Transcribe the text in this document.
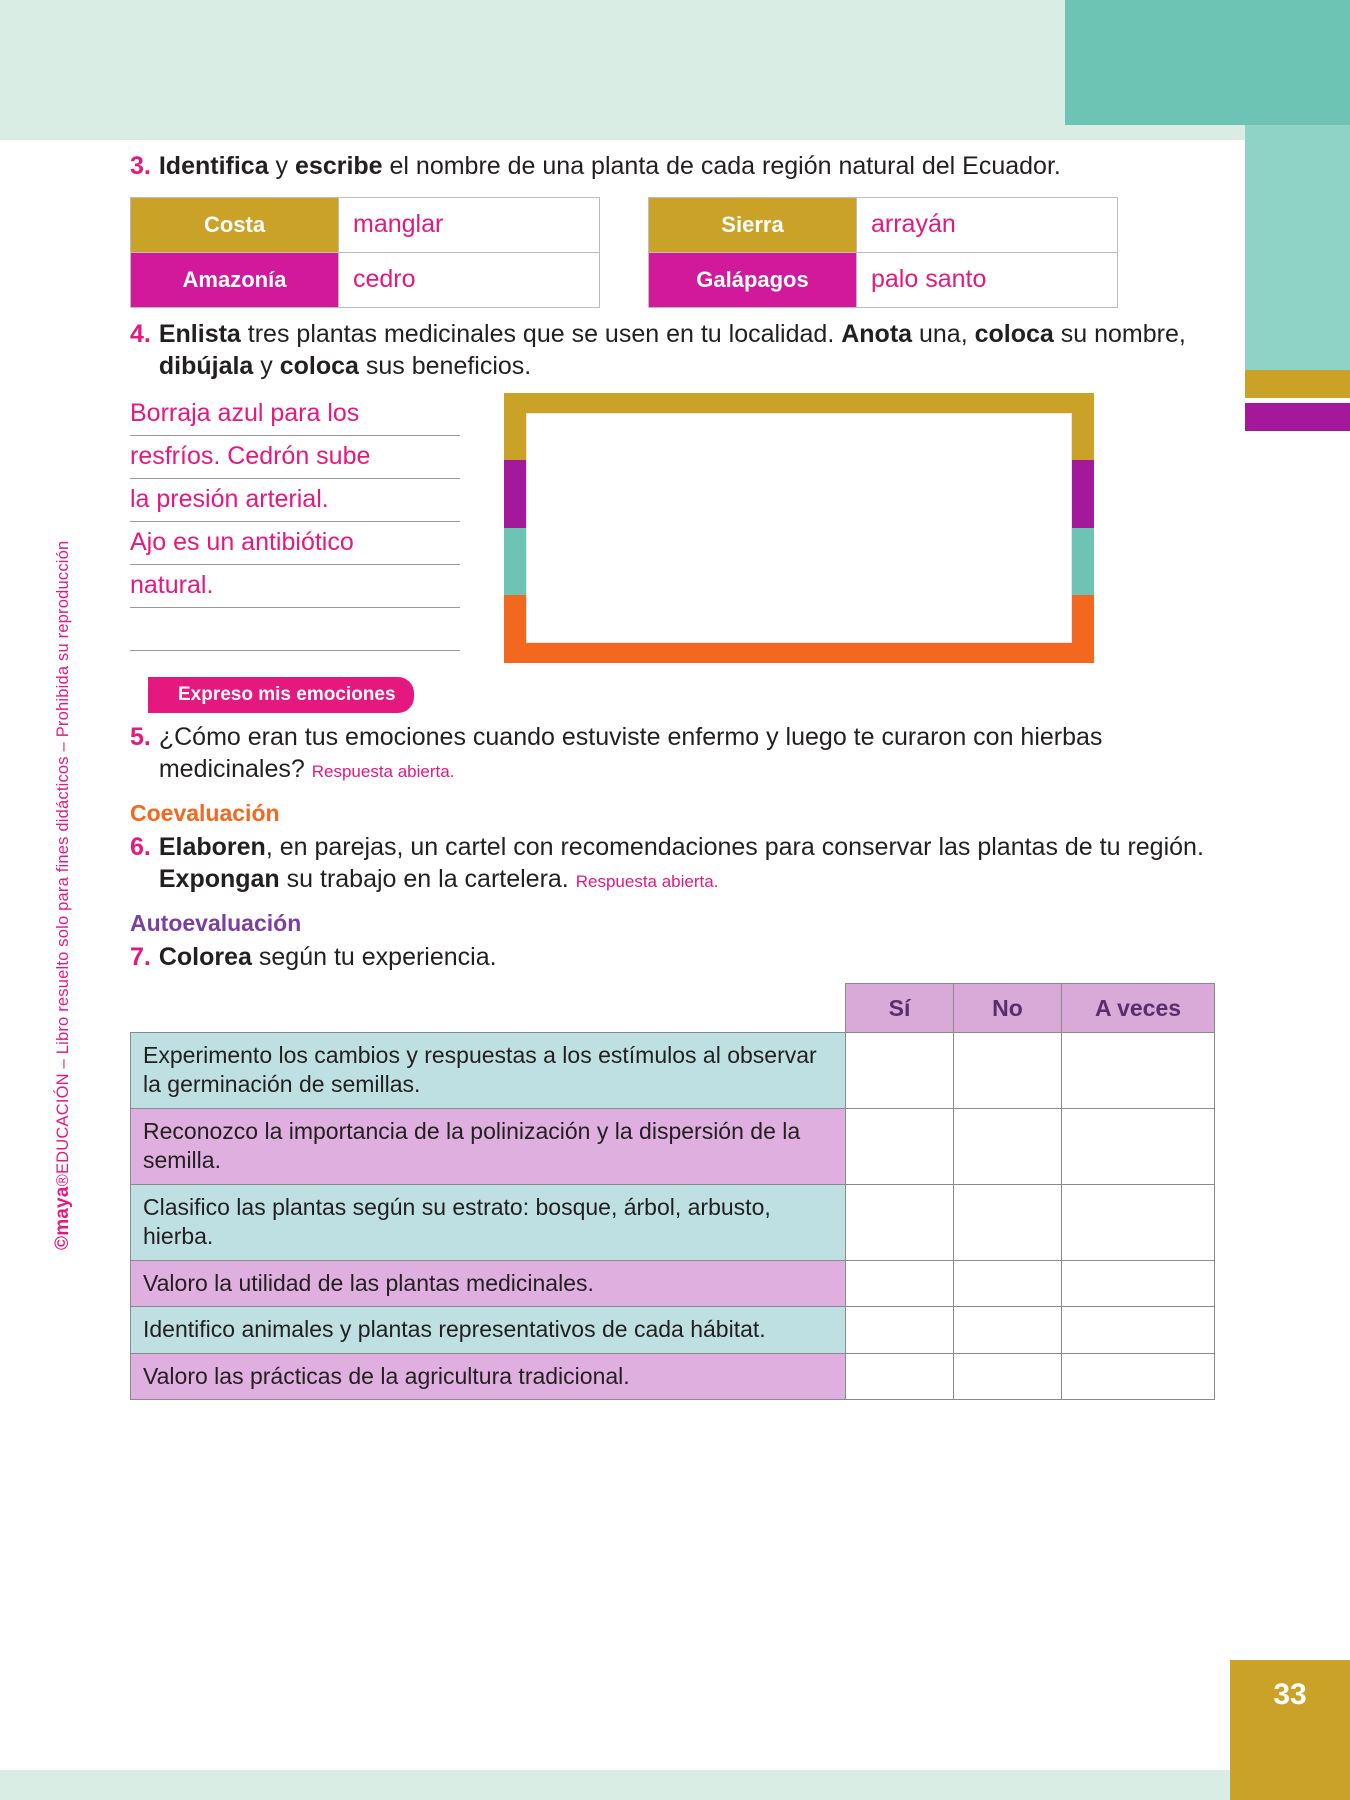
33
©maya®EDUCACIÓN – Libro resuelto solo para fines didácticos – Prohibida su reproducción
3. Identifica y escribe el nombre de una planta de cada región natural del Ecuador.
Costa	manglar
Amazonía	cedro
Sierra	arrayán
Galápagos	palo santo
4. Enlista tres plantas medicinales que se usen en tu localidad. Anota una, coloca su nombre, dibújala y coloca sus beneficios.
Borraja azul para los
resfríos. Cedrón sube
la presión arterial.
Ajo es un antibiótico
natural.
Expreso mis emociones
5. ¿Cómo eran tus emociones cuando estuviste enfermo y luego te curaron con hierbas medicinales? Respuesta abierta.
Coevaluación
6. Elaboren, en parejas, un cartel con recomendaciones para conservar las plantas de tu región. Expongan su trabajo en la cartelera. Respuesta abierta.
Autoevaluación
7. Colorea según tu experiencia.
	Sí	No	A veces
Experimento los cambios y respuestas a los estímulos al observar la germinación de semillas.			
Reconozco la importancia de la polinización y la dispersión de la semilla.			
Clasifico las plantas según su estrato: bosque, árbol, arbusto, hierba.			
Valoro la utilidad de las plantas medicinales.			
Identifico animales y plantas representativos de cada hábitat.			
Valoro las prácticas de la agricultura tradicional.			
